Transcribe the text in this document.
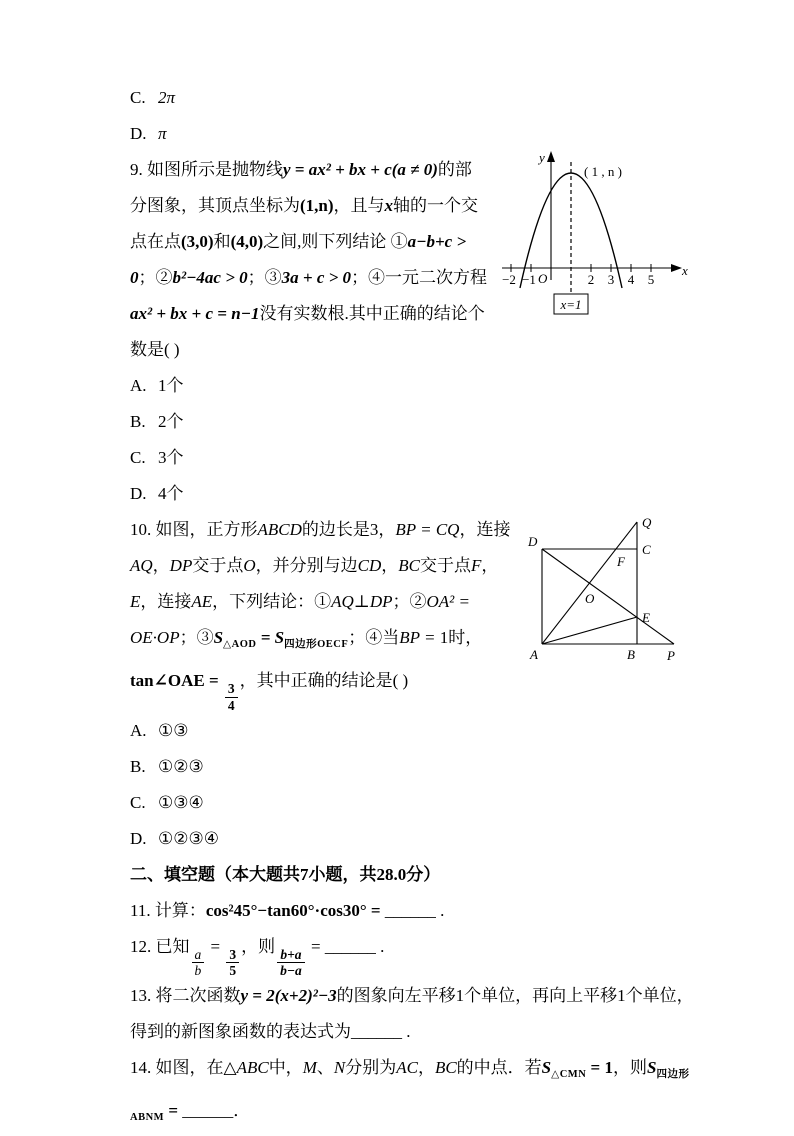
C. 2π

D. π

( 1 , n )
y
x
O
−2 −1	2 3 4 5
x=1

9. 如图所示是抛物线y = ax² + bx + c(a ≠ 0)的部分图象，其顶点坐标为(1,n)，且与x轴的一个交点在点(3,0)和(4,0)之间,则下列结论 ①a−b+c > 0；②b²−4ac > 0；③3a + c > 0；④一元二次方程ax² + bx + c = n−1没有实数根.其中正确的结论个数是( )

A. 1个

B. 2个

C. 3个

D. 4个

Q
D
C
F
O
E
A	B P

10. 如图，正方形ABCD的边长是3，BP = CQ，连接AQ，DP交于点O，并分别与边CD，BC交于点F，E，连接AE，下列结论：①AQ⊥DP；②OA² = OE·OP；$③S_{\triangle AOD} = S_{四边形OECF}$；④当BP = 1时，tan∠OAE =
$\frac{3}{4}$
，其中正确的结论是( )

A. ①③

B. ①②③

C. ①③④

D. ①②③④

二、填空题（本大题共7小题，共28.0分）

11. 计算：cos²45°−tan60°·cos30° = ______ .

12. 已知
$\frac{a}{b}$
=
$\frac{3}{5}$
，则
$\frac{b+a}{b-a}$
= ______ .

13. 将二次函数y = 2(x+2)²−3的图象向左平移1个单位，再向上平移1个单位，得到的新图象函数的表达式为______ .

14. 如图，在△ABC中，M、N分别为AC，BC的中点．若$S_{\triangle CMN} = 1$，则$S_{四边形ABNM}$ = ______．
